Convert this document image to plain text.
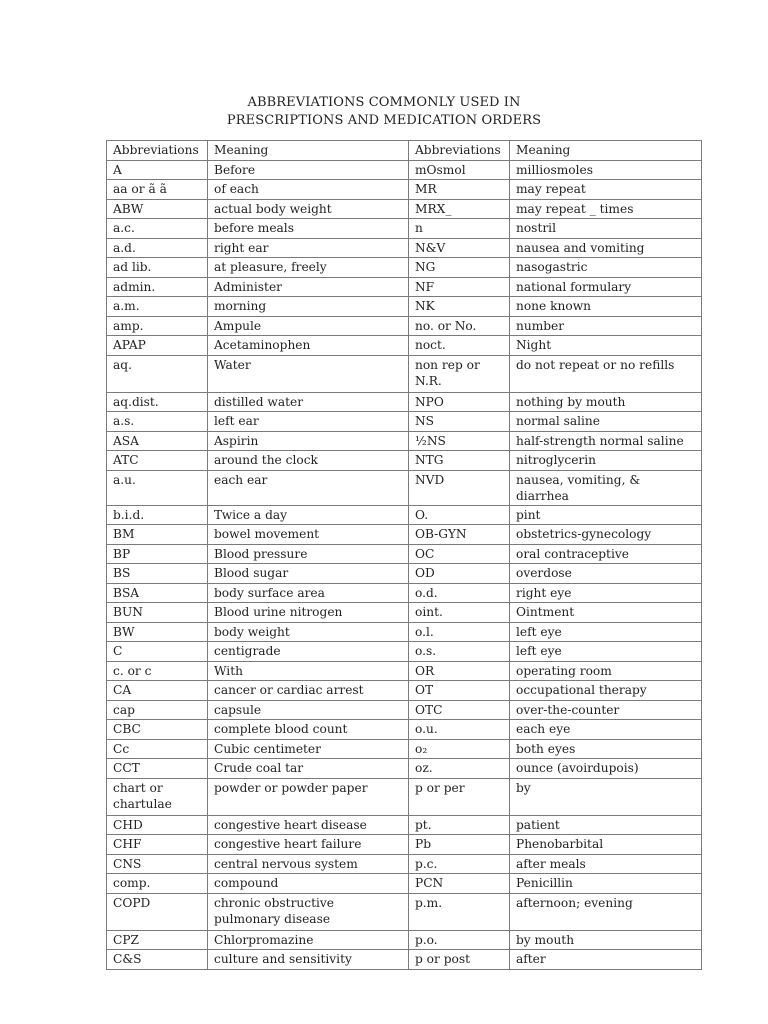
ABBREVIATIONS COMMONLY USED IN
PRESCRIPTIONS AND MEDICATION ORDERS
Abbreviations	Meaning	Abbreviations	Meaning
A	Before	mOsmol	milliosmoles
aa or ã ã	of each	MR	may repeat
ABW	actual body weight	MRX_	may repeat _ times
a.c.	before meals	n	nostril
a.d.	right ear	N&V	nausea and vomiting
ad lib.	at pleasure, freely	NG	nasogastric
admin.	Administer	NF	national formulary
a.m.	morning	NK	none known
amp.	Ampule	no. or No.	number
APAP	Acetaminophen	noct.	Night
aq.	Water	non rep or N.R.	do not repeat or no refills
aq.dist.	distilled water	NPO	nothing by mouth
a.s.	left ear	NS	normal saline
ASA	Aspirin	½NS	half-strength normal saline
ATC	around the clock	NTG	nitroglycerin
a.u.	each ear	NVD	nausea, vomiting, & diarrhea
b.i.d.	Twice a day	O.	pint
BM	bowel movement	OB-GYN	obstetrics-gynecology
BP	Blood pressure	OC	oral contraceptive
BS	Blood sugar	OD	overdose
BSA	body surface area	o.d.	right eye
BUN	Blood urine nitrogen	oint.	Ointment
BW	body weight	o.l.	left eye
C	centigrade	o.s.	left eye
c. or c	With	OR	operating room
CA	cancer or cardiac arrest	OT	occupational therapy
cap	capsule	OTC	over-the-counter
CBC	complete blood count	o.u.	each eye
Cc	Cubic centimeter	o₂	both eyes
CCT	Crude coal tar	oz.	ounce (avoirdupois)
chart or chartulae	powder or powder paper	p or per	by
CHD	congestive heart disease	pt.	patient
CHF	congestive heart failure	Pb	Phenobarbital
CNS	central nervous system	p.c.	after meals
comp.	compound	PCN	Penicillin
COPD	chronic obstructive pulmonary disease	p.m.	afternoon; evening
CPZ	Chlorpromazine	p.o.	by mouth
C&S	culture and sensitivity	p or post	after
